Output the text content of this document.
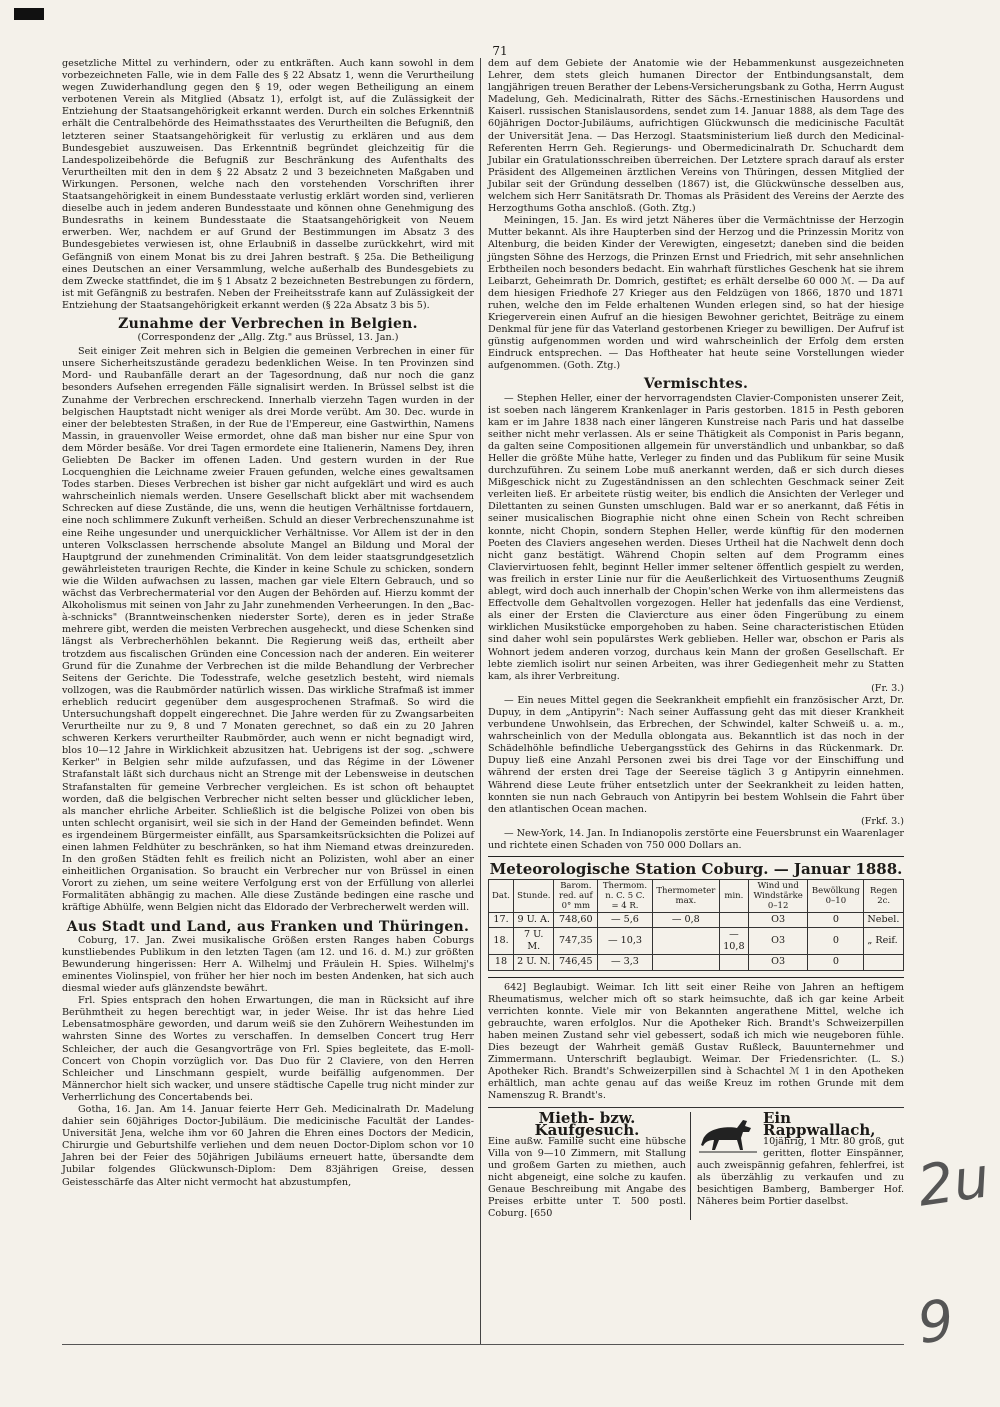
71

gesetzliche Mittel zu verhindern, oder zu entkräften. Auch kann sowohl in dem vorbezeichneten Falle, wie in dem Falle des § 22 Absatz 1, wenn die Verurtheilung wegen Zuwiderhandlung gegen den § 19, oder wegen Betheiligung an einem verbotenen Verein als Mitglied (Absatz 1), erfolgt ist, auf die Zulässigkeit der Entziehung der Staatsangehörigkeit erkannt werden. Durch ein solches Erkenntniß erhält die Centralbehörde des Heimathsstaates des Verurtheilten die Befugniß, den letzteren seiner Staatsangehörigkeit für verlustig zu erklären und aus dem Bundesgebiet auszuweisen. Das Erkenntniß begründet gleichzeitig für die Landespolizeibehörde die Befugniß zur Beschränkung des Aufenthalts des Verurtheilten mit den in dem § 22 Absatz 2 und 3 bezeichneten Maßgaben und Wirkungen. Personen, welche nach den vorstehenden Vorschriften ihrer Staatsangehörigkeit in einem Bundesstaate verlustig erklärt worden sind, verlieren dieselbe auch in jedem anderen Bundesstaate und können ohne Genehmigung des Bundesraths in keinem Bundesstaate die Staatsangehörigkeit von Neuem erwerben. Wer, nachdem er auf Grund der Bestimmungen im Absatz 3 des Bundesgebietes verwiesen ist, ohne Erlaubniß in dasselbe zurückkehrt, wird mit Gefängniß von einem Monat bis zu drei Jahren bestraft. § 25a. Die Betheiligung eines Deutschen an einer Versammlung, welche außerhalb des Bundesgebiets zu dem Zwecke stattfindet, die im § 1 Absatz 2 bezeichneten Bestrebungen zu fördern, ist mit Gefängniß zu bestrafen. Neben der Freiheitsstrafe kann auf Zulässigkeit der Entziehung der Staatsangehörigkeit erkannt werden (§ 22a Absatz 3 bis 5).

Zunahme der Verbrechen in Belgien.
(Correspondenz der „Allg. Ztg." aus Brüssel, 13. Jan.)

Seit einiger Zeit mehren sich in Belgien die gemeinen Verbrechen in einer für unsere Sicherheitszustände geradezu bedenklichen Weise. In ten Provinzen sind Mord- und Raubanfälle derart an der Tagesordnung, daß nur noch die ganz besonders Aufsehen erregenden Fälle signalisirt werden. In Brüssel selbst ist die Zunahme der Verbrechen erschreckend. Innerhalb vierzehn Tagen wurden in der belgischen Hauptstadt nicht weniger als drei Morde verübt. Am 30. Dec. wurde in einer der belebtesten Straßen, in der Rue de l'Empereur, eine Gastwirthin, Namens Massin, in grauenvoller Weise ermordet, ohne daß man bisher nur eine Spur von dem Mörder besäße. Vor drei Tagen ermordete eine Italienerin, Namens Dey, ihren Geliebten De Backer im offenen Laden. Und gestern wurden in der Rue Locquenghien die Leichname zweier Frauen gefunden, welche eines gewaltsamen Todes starben. Dieses Verbrechen ist bisher gar nicht aufgeklärt und wird es auch wahrscheinlich niemals werden. Unsere Gesellschaft blickt aber mit wachsendem Schrecken auf diese Zustände, die uns, wenn die heutigen Verhältnisse fortdauern, eine noch schlimmere Zukunft verheißen. Schuld an dieser Verbrechenszunahme ist eine Reihe ungesunder und unerquicklicher Verhältnisse. Vor Allem ist der in den unteren Volksclassen herrschende absolute Mangel an Bildung und Moral der Hauptgrund der zunehmenden Criminalität. Von dem leider staatsgrundgesetzlich gewährleisteten traurigen Rechte, die Kinder in keine Schule zu schicken, sondern wie die Wilden aufwachsen zu lassen, machen gar viele Eltern Gebrauch, und so wächst das Verbrechermaterial vor den Augen der Behörden auf. Hierzu kommt der Alkoholismus mit seinen von Jahr zu Jahr zunehmenden Verheerungen. In den „Bac-à-schnicks" (Branntweinschenken niederster Sorte), deren es in jeder Straße mehrere gibt, werden die meisten Verbrechen ausgeheckt, und diese Schenken sind längst als Verbrecherhöhlen bekannt. Die Regierung weiß das, ertheilt aber trotzdem aus fiscalischen Gründen eine Concession nach der anderen. Ein weiterer Grund für die Zunahme der Verbrechen ist die milde Behandlung der Verbrecher Seitens der Gerichte. Die Todesstrafe, welche gesetzlich besteht, wird niemals vollzogen, was die Raubmörder natürlich wissen. Das wirkliche Strafmaß ist immer erheblich reducirt gegenüber dem ausgesprochenen Strafmaß. So wird die Untersuchungshaft doppelt eingerechnet. Die Jahre werden für zu Zwangsarbeiten Verurtheilte nur zu 9, 8 und 7 Monaten gerechnet, so daß ein zu 20 Jahren schweren Kerkers verurtheilter Raubmörder, auch wenn er nicht begnadigt wird, blos 10—12 Jahre in Wirklichkeit abzusitzen hat. Uebrigens ist der sog. „schwere Kerker" in Belgien sehr milde aufzufassen, und das Régime in der Löwener Strafanstalt läßt sich durchaus nicht an Strenge mit der Lebensweise in deutschen Strafanstalten für gemeine Verbrecher vergleichen. Es ist schon oft behauptet worden, daß die belgischen Verbrecher nicht selten besser und glücklicher leben, als mancher ehrliche Arbeiter. Schließlich ist die belgische Polizei von oben bis unten schlecht organisirt, weil sie sich in der Hand der Gemeinden befindet. Wenn es irgendeinem Bürgermeister einfällt, aus Sparsamkeitsrücksichten die Polizei auf einen lahmen Feldhüter zu beschränken, so hat ihm Niemand etwas dreinzureden. In den großen Städten fehlt es freilich nicht an Polizisten, wohl aber an einer einheitlichen Organisation. So braucht ein Verbrecher nur von Brüssel in einen Vorort zu ziehen, um seine weitere Verfolgung erst von der Erfüllung von allerlei Formalitäten abhängig zu machen. Alle diese Zustände bedingen eine rasche und kräftige Abhülfe, wenn Belgien nicht das Eldorado der Verbrecherwelt werden will.

Aus Stadt und Land, aus Franken und Thüringen.

Coburg, 17. Jan. Zwei musikalische Größen ersten Ranges haben Coburgs kunstliebendes Publikum in den letzten Tagen (am 12. und 16. d. M.) zur größten Bewunderung hingerissen: Herr A. Wilhelmj und Fräulein H. Spies. Wilhelmj's eminentes Violinspiel, von früher her hier noch im besten Andenken, hat sich auch diesmal wieder aufs glänzendste bewährt.

Frl. Spies entsprach den hohen Erwartungen, die man in Rücksicht auf ihre Berühmtheit zu hegen berechtigt war, in jeder Weise. Ihr ist das hehre Lied Lebensatmosphäre geworden, und darum weiß sie den Zuhörern Weihestunden im wahrsten Sinne des Wortes zu verschaffen. In demselben Concert trug Herr Schleicher, der auch die Gesangvorträge von Frl. Spies begleitete, das E-moll-Concert von Chopin vorzüglich vor. Das Duo für 2 Claviere, von den Herren Schleicher und Linschmann gespielt, wurde beifällig aufgenommen. Der Männerchor hielt sich wacker, und unsere städtische Capelle trug nicht minder zur Verherrlichung des Concertabends bei.

Gotha, 16. Jan. Am 14. Januar feierte Herr Geh. Medicinalrath Dr. Madelung dahier sein 60jähriges Doctor-Jubiläum. Die medicinische Facultät der Landes-Universität Jena, welche ihm vor 60 Jahren die Ehren eines Doctors der Medicin, Chirurgie und Geburtshilfe verliehen und dem neuen Doctor-Diplom schon vor 10 Jahren bei der Feier des 50jährigen Jubiläums erneuert hatte, übersandte dem Jubilar folgendes Glückwunsch-Diplom: Dem 83jährigen Greise, dessen Geistesschärfe das Alter nicht vermocht hat abzustumpfen,

dem auf dem Gebiete der Anatomie wie der Hebammenkunst ausgezeichneten Lehrer, dem stets gleich humanen Director der Entbindungsanstalt, dem langjährigen treuen Berather der Lebens-Versicherungsbank zu Gotha, Herrn August Madelung, Geh. Medicinalrath, Ritter des Sächs.-Ernestinischen Hausordens und Kaiserl. russischen Stanislausordens, sendet zum 14. Januar 1888, als dem Tage des 60jährigen Doctor-Jubiläums, aufrichtigen Glückwunsch die medicinische Facultät der Universität Jena. — Das Herzogl. Staatsministerium ließ durch den Medicinal-Referenten Herrn Geh. Regierungs- und Obermedicinalrath Dr. Schuchardt dem Jubilar ein Gratulationsschreiben überreichen. Der Letztere sprach darauf als erster Präsident des Allgemeinen ärztlichen Vereins von Thüringen, dessen Mitglied der Jubilar seit der Gründung desselben (1867) ist, die Glückwünsche desselben aus, welchem sich Herr Sanitätsrath Dr. Thomas als Präsident des Vereins der Aerzte des Herzogthums Gotha anschloß. (Goth. Ztg.)

Meiningen, 15. Jan. Es wird jetzt Näheres über die Vermächtnisse der Herzogin Mutter bekannt. Als ihre Haupterben sind der Herzog und die Prinzessin Moritz von Altenburg, die beiden Kinder der Verewigten, eingesetzt; daneben sind die beiden jüngsten Söhne des Herzogs, die Prinzen Ernst und Friedrich, mit sehr ansehnlichen Erbtheilen noch besonders bedacht. Ein wahrhaft fürstliches Geschenk hat sie ihrem Leibarzt, Geheimrath Dr. Domrich, gestiftet; es erhält derselbe 60 000 ℳ. — Da auf dem hiesigen Friedhofe 27 Krieger aus den Feldzügen von 1866, 1870 und 1871 ruhen, welche den im Felde erhaltenen Wunden erlegen sind, so hat der hiesige Kriegerverein einen Aufruf an die hiesigen Bewohner gerichtet, Beiträge zu einem Denkmal für jene für das Vaterland gestorbenen Krieger zu bewilligen. Der Aufruf ist günstig aufgenommen worden und wird wahrscheinlich der Erfolg dem ersten Eindruck entsprechen. — Das Hoftheater hat heute seine Vorstellungen wieder aufgenommen. (Goth. Ztg.)

Vermischtes.

— Stephen Heller, einer der hervorragendsten Clavier-Componisten unserer Zeit, ist soeben nach längerem Krankenlager in Paris gestorben. 1815 in Pesth geboren kam er im Jahre 1838 nach einer längeren Kunstreise nach Paris und hat dasselbe seither nicht mehr verlassen. Als er seine Thätigkeit als Componist in Paris begann, da galten seine Compositionen allgemein für unverständlich und unbankbar, so daß Heller die größte Mühe hatte, Verleger zu finden und das Publikum für seine Musik durchzuführen. Zu seinem Lobe muß anerkannt werden, daß er sich durch dieses Mißgeschick nicht zu Zugeständnissen an den schlechten Geschmack seiner Zeit verleiten ließ. Er arbeitete rüstig weiter, bis endlich die Ansichten der Verleger und Dilettanten zu seinen Gunsten umschlugen. Bald war er so anerkannt, daß Fétis in seiner musicalischen Biographie nicht ohne einen Schein von Recht schreiben konnte, nicht Chopin, sondern Stephen Heller, werde künftig für den modernen Poeten des Claviers angesehen werden. Dieses Urtheil hat die Nachwelt denn doch nicht ganz bestätigt. Während Chopin selten auf dem Programm eines Claviervirtuosen fehlt, beginnt Heller immer seltener öffentlich gespielt zu werden, was freilich in erster Linie nur für die Aeußerlichkeit des Virtuosenthums Zeugniß ablegt, wird doch auch innerhalb der Chopin'schen Werke von ihm allermeistens das Effectvolle dem Gehaltvollen vorgezogen. Heller hat jedenfalls das eine Verdienst, als einer der Ersten die Claviercture aus einer öden Fingerübung zu einem wirklichen Musikstücke emporgehoben zu haben. Seine characteristischen Etüden sind daher wohl sein populärstes Werk geblieben. Heller war, obschon er Paris als Wohnort jedem anderen vorzog, durchaus kein Mann der großen Gesellschaft. Er lebte ziemlich isolirt nur seinen Arbeiten, was ihrer Gediegenheit mehr zu Statten kam, als ihrer Verbreitung.

(Fr. 3.)

— Ein neues Mittel gegen die Seekrankheit empfiehlt ein französischer Arzt, Dr. Dupuy, in dem „Antipyrin": Nach seiner Auffassung geht das mit dieser Krankheit verbundene Unwohlsein, das Erbrechen, der Schwindel, kalter Schweiß u. a. m., wahrscheinlich von der Medulla oblongata aus. Bekanntlich ist das noch in der Schädelhöhle befindliche Uebergangsstück des Gehirns in das Rückenmark. Dr. Dupuy ließ eine Anzahl Personen zwei bis drei Tage vor der Einschiffung und während der ersten drei Tage der Seereise täglich 3 g Antipyrin einnehmen. Während diese Leute früher entsetzlich unter der Seekrankheit zu leiden hatten, konnten sie nun nach Gebrauch von Antipyrin bei bestem Wohlsein die Fahrt über den atlantischen Ocean machen.

(Frkf. 3.)

— New-York, 14. Jan. In Indianopolis zerstörte eine Feuersbrunst ein Waarenlager und richtete einen Schaden von 750 000 Dollars an.

Meteorologische Station Coburg. — Januar 1888.
Dat.	Stunde.	Barom. red. auf 0° mm	Thermom. n. C. 5 C. = 4 R.	Thermometer max.	min.	Wind und Windstärke 0–12	Bewölkung 0–10	Regen 2c.
17.	9 U. A.	748,60	— 5,6	— 0,8		O3	0	Nebel.
18.	7 U. M.	747,35	— 10,3		— 10,8	O3	0	„ Reif.
18	2 U. N.	746,45	— 3,3			O3	0	

642] Beglaubigt. Weimar. Ich litt seit einer Reihe von Jahren an heftigem Rheumatismus, welcher mich oft so stark heimsuchte, daß ich gar keine Arbeit verrichten konnte. Viele mir von Bekannten angerathene Mittel, welche ich gebrauchte, waren erfolglos. Nur die Apotheker Rich. Brandt's Schweizerpillen haben meinen Zustand sehr viel gebessert, sodaß ich mich wie neugeboren fühle. Dies bezeugt der Wahrheit gemäß Gustav Rußleck, Bauunternehmer und Zimmermann. Unterschrift beglaubigt. Weimar. Der Friedensrichter. (L. S.) Apotheker Rich. Brandt's Schweizerpillen sind à Schachtel ℳ 1 in den Apotheken erhältlich, man achte genau auf das weiße Kreuz im rothen Grunde mit dem Namenszug R. Brandt's.

Mieth- bzw. Kaufgesuch.
Eine außw. Familie sucht eine hübsche Villa von 9—10 Zimmern, mit Stallung und großem Garten zu miethen, auch nicht abgeneigt, eine solche zu kaufen. Genaue Beschreibung mit Angabe des Preises erbitte unter T. 500 postl. Coburg. [650
Ein Rappwallach,
10jährig, 1 Mtr. 80 groß, gut geritten, flotter Einspänner, auch zweispännig gefahren, fehlerfrei, ist als überzählig zu verkaufen und zu besichtigen Bamberg, Bamberger Hof. Näheres beim Portier daselbst.	2u
9
